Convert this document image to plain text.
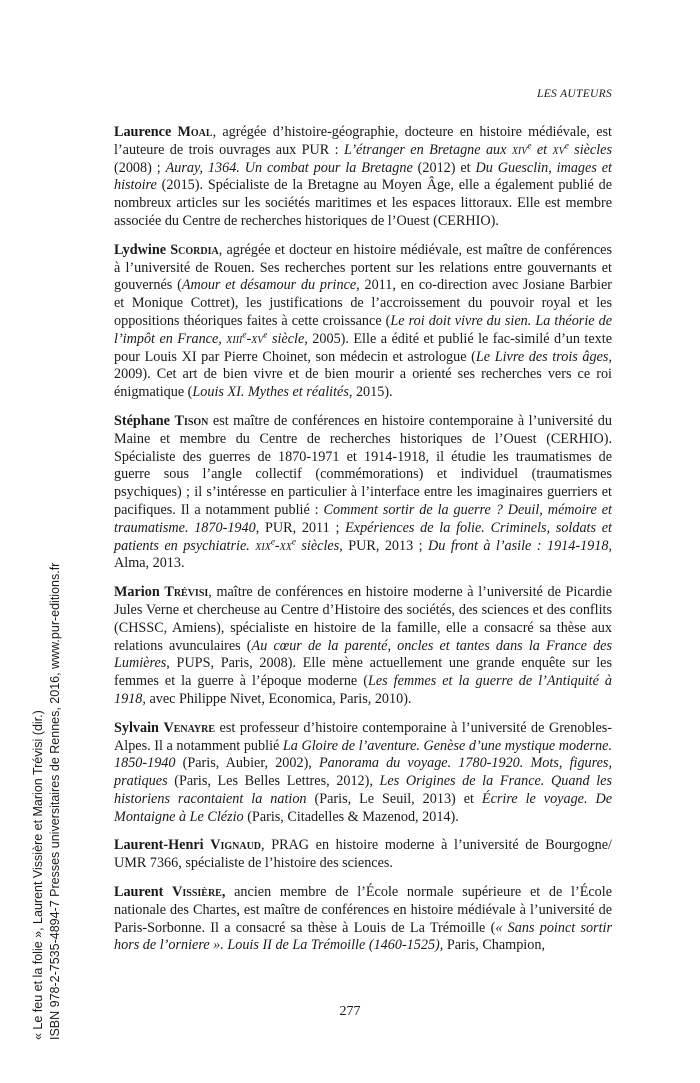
LES AUTEURS

Laurence Moal, agrégée d’histoire-géographie, docteure en histoire médiévale, est l’auteure de trois ouvrages aux PUR : L’étranger en Bretagne aux xiv$^e$ et $xv^e$ siècles (2008) ; Auray, 1364. Un combat pour la Bretagne (2012) et Du Guesclin, images et histoire (2015). Spécialiste de la Bretagne au Moyen Âge, elle a également publié de nombreux articles sur les sociétés maritimes et les espaces littoraux. Elle est membre associée du Centre de recherches historiques de l’Ouest (CERHIO).

Lydwine Scordia, agrégée et docteur en histoire médiévale, est maître de conférences à l’université de Rouen. Ses recherches portent sur les relations entre gouvernants et gouvernés (Amour et désamour du prince, 2011, en co-direction avec Josiane Barbier et Monique Cottret), les justifications de l’accroissement du pouvoir royal et les oppositions théoriques faites à cette croissance (Le roi doit vivre du sien. La théorie de l’impôt en France, $xiii^e-xv^e$ siècle, 2005). Elle a édité et publié le fac-similé d’un texte pour Louis XI par Pierre Choinet, son médecin et astrologue (Le Livre des trois âges, 2009). Cet art de bien vivre et de bien mourir a orienté ses recherches vers ce roi énigmatique (Louis XI. Mythes et réalités, 2015).

Stéphane Tison est maître de conférences en histoire contemporaine à l’université du Maine et membre du Centre de recherches historiques de l’Ouest (CERHIO). Spécialiste des guerres de 1870-1971 et 1914-1918, il étudie les traumatismes de guerre sous l’angle collectif (commémorations) et individuel (traumatismes psychiques) ; il s’intéresse en particulier à l’interface entre les imaginaires guerriers et pacifiques. Il a notamment publié : Comment sortir de la guerre ? Deuil, mémoire et traumatisme. 1870-1940, PUR, 2011 ; Expériences de la folie. Criminels, soldats et patients en psychiatrie. $xix^e-xx^e$ siècles, PUR, 2013 ; Du front à l’asile : 1914-1918, Alma, 2013.

Marion Trévisi, maître de conférences en histoire moderne à l’université de Picardie Jules Verne et chercheuse au Centre d’Histoire des sociétés, des sciences et des conflits (CHSSC, Amiens), spécialiste en histoire de la famille, elle a consacré sa thèse aux relations avunculaires (Au cœur de la parenté, oncles et tantes dans la France des Lumières, PUPS, Paris, 2008). Elle mène actuellement une grande enquête sur les femmes et la guerre à l’époque moderne (Les femmes et la guerre de l’Antiquité à 1918, avec Philippe Nivet, Economica, Paris, 2010).

Sylvain Venayre est professeur d’histoire contemporaine à l’université de Grenobles-Alpes. Il a notamment publié La Gloire de l’aventure. Genèse d’une mystique moderne. 1850-1940 (Paris, Aubier, 2002), Panorama du voyage. 1780-1920. Mots, figures, pratiques (Paris, Les Belles Lettres, 2012), Les Origines de la France. Quand les historiens racontaient la nation (Paris, Le Seuil, 2013) et Écrire le voyage. De Montaigne à Le Clézio (Paris, Citadelles & Mazenod, 2014).

Laurent-Henri Vignaud, PRAG en histoire moderne à l’université de Bourgogne/ UMR 7366, spécialiste de l’histoire des sciences.

Laurent Vissière, ancien membre de l’École normale supérieure et de l’École nationale des Chartes, est maître de conférences en histoire médiévale à l’université de Paris-Sorbonne. Il a consacré sa thèse à Louis de La Trémoille (« Sans poinct sortir hors de l’orniere ». Louis II de La Trémoille (1460-1525), Paris, Champion,

277
« Le feu et la folie », Laurent Vissière et Marion Trévisi (dir.) ISBN 978-2-7535-4894-7 Presses universitaires de Rennes, 2016, www.pur-editions.fr
